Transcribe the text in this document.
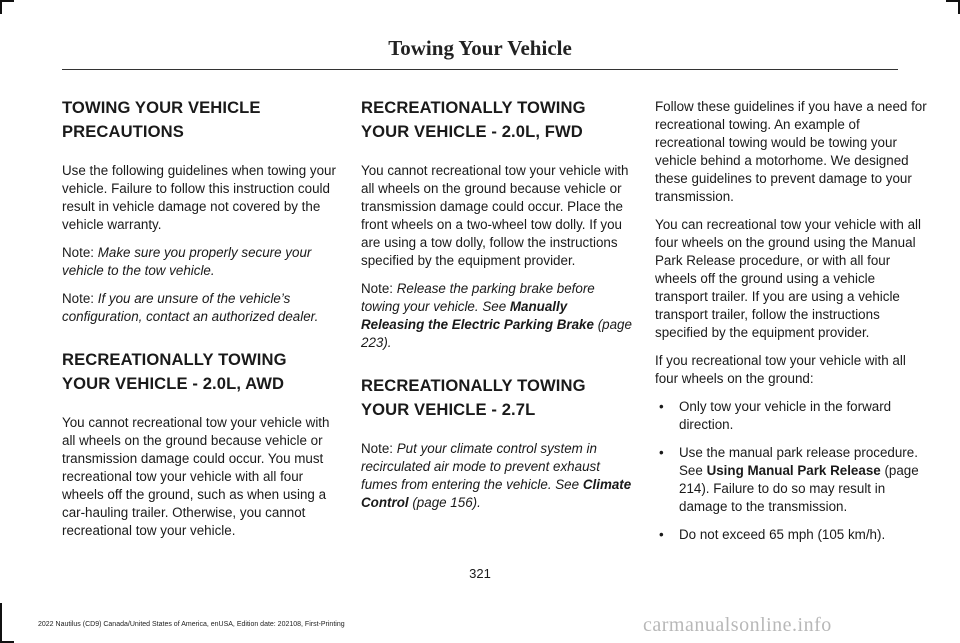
Towing Your Vehicle
TOWING YOUR VEHICLE PRECAUTIONS

Use the following guidelines when towing your vehicle. Failure to follow this instruction could result in vehicle damage not covered by the vehicle warranty.

Note: Make sure you properly secure your vehicle to the tow vehicle.

Note: If you are unsure of the vehicle’s configuration, contact an authorized dealer.

RECREATIONALLY TOWING YOUR VEHICLE - 2.0L, AWD

You cannot recreational tow your vehicle with all wheels on the ground because vehicle or transmission damage could occur. You must recreational tow your vehicle with all four wheels off the ground, such as when using a car-hauling trailer. Otherwise, you cannot recreational tow your vehicle.

RECREATIONALLY TOWING YOUR VEHICLE - 2.0L, FWD

You cannot recreational tow your vehicle with all wheels on the ground because vehicle or transmission damage could occur. Place the front wheels on a two-wheel tow dolly. If you are using a tow dolly, follow the instructions specified by the equipment provider.

Note: Release the parking brake before towing your vehicle. See Manually Releasing the Electric Parking Brake (page 223).

RECREATIONALLY TOWING YOUR VEHICLE - 2.7L

Note: Put your climate control system in recirculated air mode to prevent exhaust fumes from entering the vehicle. See Climate Control (page 156).

Follow these guidelines if you have a need for recreational towing. An example of recreational towing would be towing your vehicle behind a motorhome. We designed these guidelines to prevent damage to your transmission.

You can recreational tow your vehicle with all four wheels on the ground using the Manual Park Release procedure, or with all four wheels off the ground using a vehicle transport trailer. If you are using a vehicle transport trailer, follow the instructions specified by the equipment provider.

If you recreational tow your vehicle with all four wheels on the ground:

• Only tow your vehicle in the forward direction.
• Use the manual park release procedure. See Using Manual Park Release (page 214). Failure to do so may result in damage to the transmission.
• Do not exceed 65 mph (105 km/h).
321
2022 Nautilus (CD9) Canada/United States of America, enUSA, Edition date: 202108, First-Printing	carmanualsonline.info
